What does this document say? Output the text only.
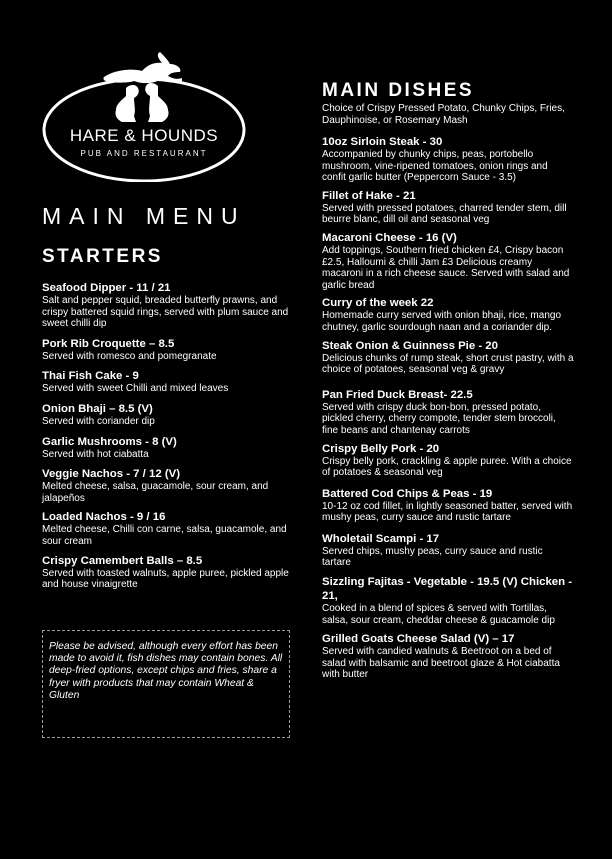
HARE & HOUNDS
PUB AND RESTAURANT
MAIN MENU
STARTERS
Seafood Dipper - 11 / 21
Salt and pepper squid, breaded butterfly prawns, and crispy battered squid rings, served with plum sauce and sweet chilli dip
Pork Rib Croquette – 8.5
Served with romesco and pomegranate
Thai Fish Cake - 9
Served with sweet Chilli and mixed leaves
Onion Bhaji – 8.5 (V)
Served with coriander dip
Garlic Mushrooms - 8 (V)
Served with hot ciabatta
Veggie Nachos - 7 / 12 (V)
Melted cheese, salsa, guacamole, sour cream, and jalapeños
Loaded Nachos - 9 / 16
Melted cheese, Chilli con carne, salsa, guacamole, and sour cream
Crispy Camembert Balls – 8.5
Served with toasted walnuts, apple puree, pickled apple and house vinaigrette
Please be advised, although every effort has been made to avoid it, fish dishes may contain bones. All deep-fried options, except chips and fries, share a fryer with products that may contain Wheat & Gluten
MAIN DISHES
Choice of Crispy Pressed Potato, Chunky Chips, Fries, Dauphinoise, or Rosemary Mash
10oz Sirloin Steak - 30
Accompanied by chunky chips, peas, portobello mushroom, vine-ripened tomatoes, onion rings and confit garlic butter (Peppercorn Sauce - 3.5)
Fillet of Hake - 21
Served with pressed potatoes, charred tender stem, dill beurre blanc, dill oil and seasonal veg
Macaroni Cheese - 16 (V)
Add toppings, Southern fried chicken £4, Crispy bacon £2.5, Halloumi & chilli Jam £3 Delicious creamy macaroni in a rich cheese sauce. Served with salad and garlic bread
Curry of the week 22
Homemade curry served with onion bhaji, rice, mango chutney, garlic sourdough naan and a coriander dip.
Steak Onion & Guinness Pie - 20
Delicious chunks of rump steak, short crust pastry, with a choice of potatoes, seasonal veg & gravy
Pan Fried Duck Breast- 22.5
Served with crispy duck bon-bon, pressed potato, pickled cherry, cherry compote, tender stem broccoli, fine beans and chantenay carrots
Crispy Belly Pork - 20
Crispy belly pork, crackling & apple puree. With a choice of potatoes & seasonal veg
Battered Cod Chips & Peas - 19
10-12 oz cod fillet, in lightly seasoned batter, served with mushy peas, curry sauce and rustic tartare
Wholetail Scampi - 17
Served chips, mushy peas, curry sauce and rustic tartare
Sizzling Fajitas - Vegetable - 19.5 (V) Chicken - 21,
Cooked in a blend of spices & served with Tortillas, salsa, sour cream, cheddar cheese & guacamole dip
Grilled Goats Cheese Salad (V) – 17
Served with candied walnuts & Beetroot on a bed of salad with balsamic and beetroot glaze & Hot ciabatta with butter
